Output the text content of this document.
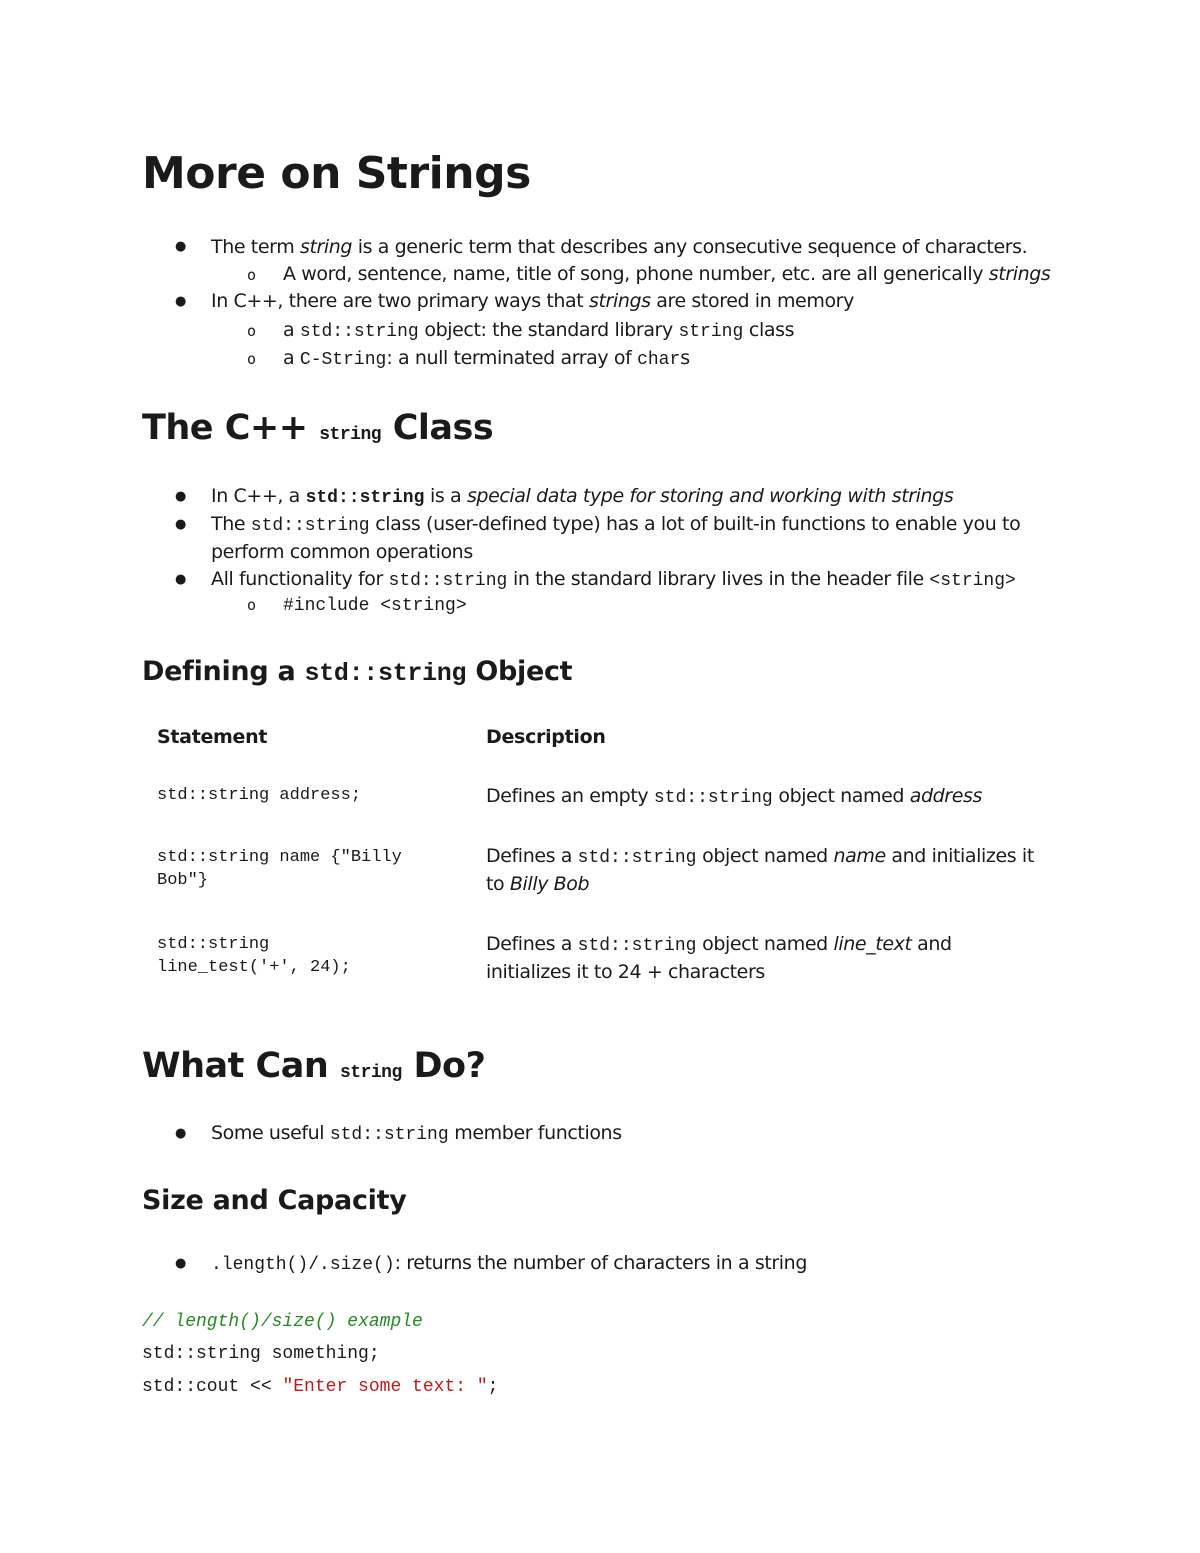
More on Strings
● The term string is a generic term that describes any consecutive sequence of characters.
o A word, sentence, name, title of song, phone number, etc. are all generically strings
● In C++, there are two primary ways that strings are stored in memory
o a std::string object: the standard library string class
o a C-String: a null terminated array of chars
The C++ string Class
● In C++, a std::string is a special data type for storing and working with strings
● The std::string class (user-defined type) has a lot of built-in functions to enable you to
perform common operations
● All functionality for std::string in the standard library lives in the header file <string>
o #include <string>
Defining a std::string Object
Statement	Description
std::string address;	Defines an empty std::string object named address
std::string name {"Billy
Bob"}
Defines a std::string object named name and initializes it
to Billy Bob
std::string
line_test('+', 24);
Defines a std::string object named line_text and
initializes it to 24 + characters
What Can string Do?
● Some useful std::string member functions
Size and Capacity
● .length()/.size(): returns the number of characters in a string
// length()/size() example
std::string something;
std::cout << "Enter some text: ";
